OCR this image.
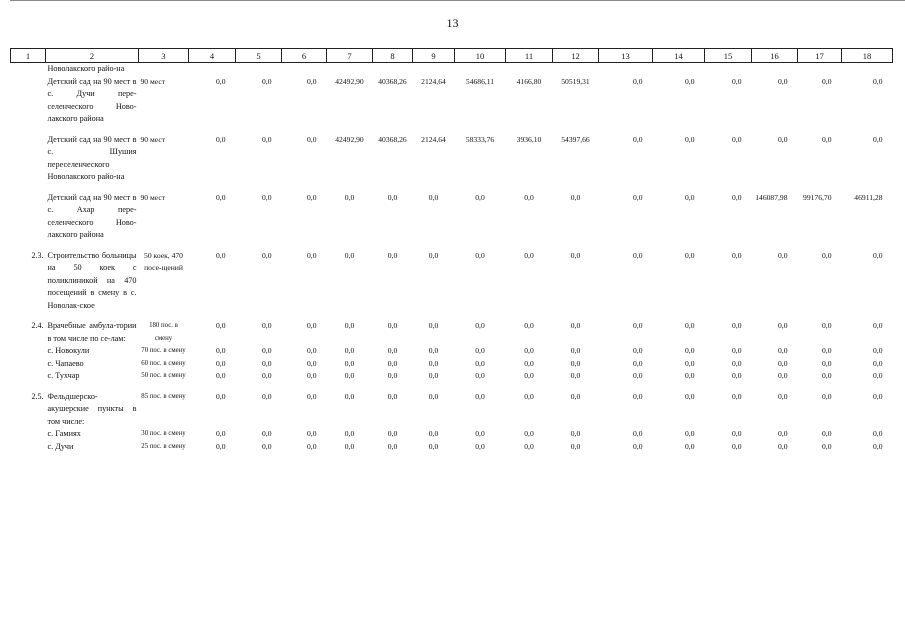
13
1	2	3	4	5	6	7	8	9	10	11	12	13	14	15	16	17	18
	Новолакского райо-на																
	Детский сад на 90 мест в с. Дучи пере-селенческого Ново-лакского района	90 мест	0,0	0,0	0,0	42492,90	40368,26	2124,64	54686,11	4166,80	50519,31	0,0	0,0	0,0	0,0	0,0	0,0

	Детский сад на 90 мест в с. Шушия переселенческого Новолакского райо-на	90 мест	0,0	0,0	0,0	42492,90	40368,26	2124,64	58333,76	3936,10	54397,66	0,0	0,0	0,0	0,0	0,0	0,0

	Детский сад на 90 мест в с. Ахар пере-селенческого Ново-лакского района	90 мест	0,0	0,0	0,0	0,0	0,0	0,0	0,0	0,0	0,0	0,0	0,0	0,0	146087,98	99176,70	46911,28

2.3.	Строительство больницы на 50 коек с поликлиникой на 470 посещений в смену в с. Новолак-ское	50 коек, 470 посе-щений	0,0	0,0	0,0	0,0	0,0	0,0	0,0	0,0	0,0	0,0	0,0	0,0	0,0	0,0	0,0

2.4.	Врачебные амбула-тории в том числе по се-лам:	180 пос. в смену	0,0	0,0	0,0	0,0	0,0	0,0	0,0	0,0	0,0	0,0	0,0	0,0	0,0	0,0	0,0
	с. Новокули	70 пос. в смену	0,0	0,0	0,0	0,0	0,0	0,0	0,0	0,0	0,0	0,0	0,0	0,0	0,0	0,0	0,0
	с. Чапаево	60 пос. в смену	0,0	0,0	0,0	0,0	0,0	0,0	0,0	0,0	0,0	0,0	0,0	0,0	0,0	0,0	0,0
	с. Тухчар	50 пос. в смену	0,0	0,0	0,0	0,0	0,0	0,0	0,0	0,0	0,0	0,0	0,0	0,0	0,0	0,0	0,0

2.5.	Фельдшерско-акушерские пункты в том числе:	85 пос. в смену	0,0	0,0	0,0	0,0	0,0	0,0	0,0	0,0	0,0	0,0	0,0	0,0	0,0	0,0	0,0
	с. Гамиях	30 пос. в смену	0,0	0,0	0,0	0,0	0,0	0,0	0,0	0,0	0,0	0,0	0,0	0,0	0,0	0,0	0,0
	с. Дучи	25 пос. в смену	0,0	0,0	0,0	0,0	0,0	0,0	0,0	0,0	0,0	0,0	0,0	0,0	0,0	0,0	0,0
